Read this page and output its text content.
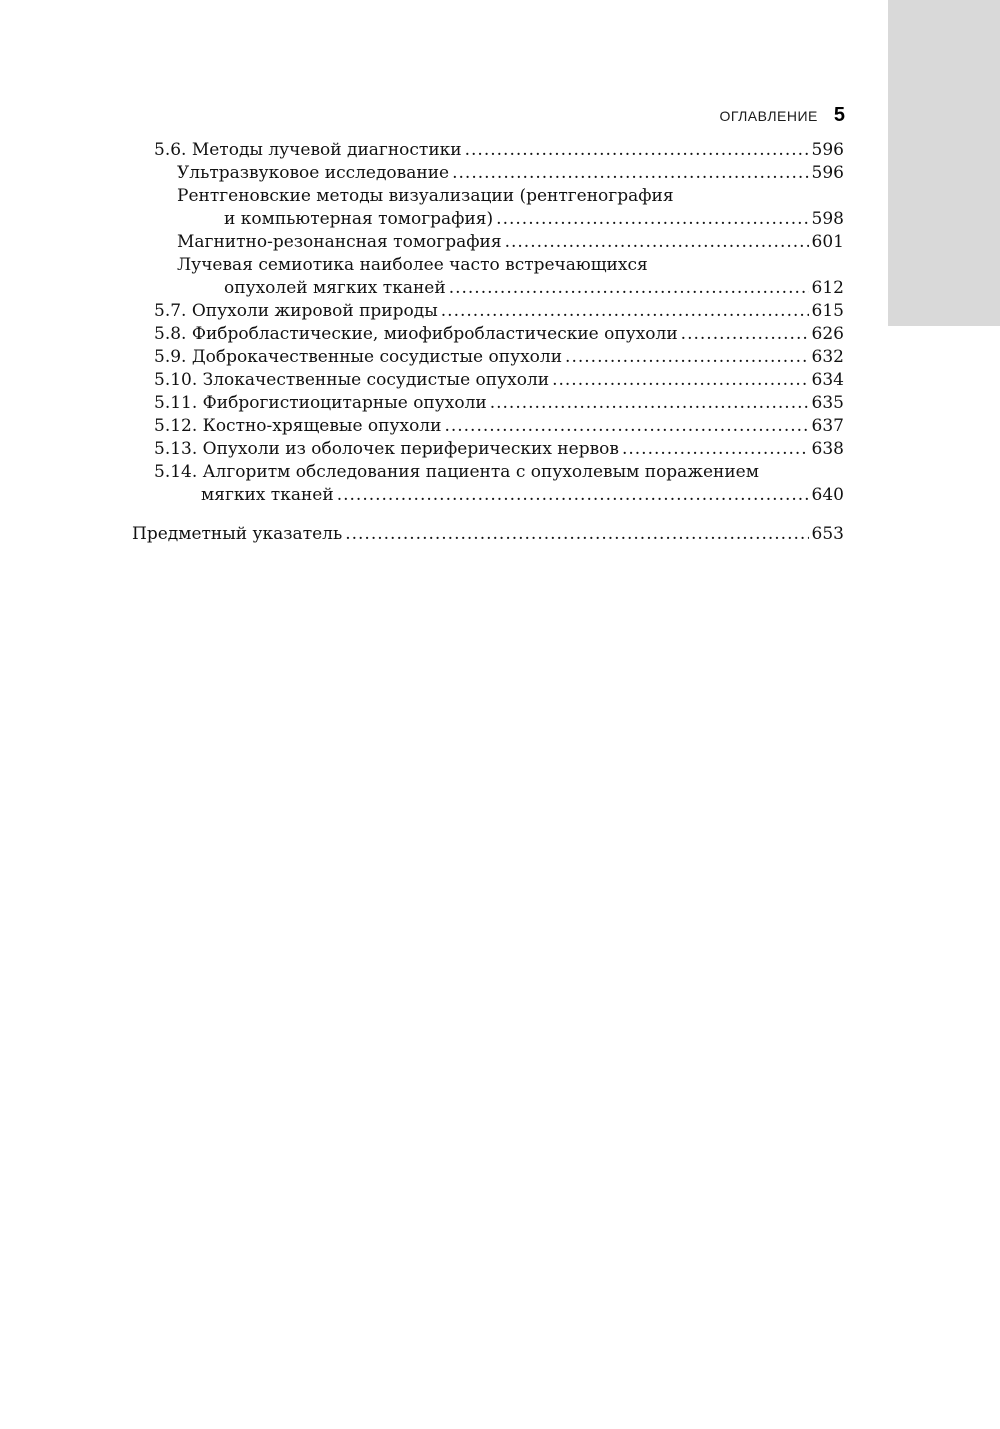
ОГЛАВЛЕНИЕ 5
5.6. Методы лучевой диагностики .....	596
Ультразвуковое исследование .....	596
Рентгеновские методы визуализации (рентгенография
и компьютерная томография) .....	598
Магнитно-резонансная томография .....	601
Лучевая семиотика наиболее часто встречающихся
опухолей мягких тканей .....	612
5.7. Опухоли жировой природы .....	615
5.8. Фибробластические, миофибробластические опухоли .....	626
5.9. Доброкачественные сосудистые опухоли .....	632
5.10. Злокачественные сосудистые опухоли .....	634
5.11. Фиброгистиоцитарные опухоли .....	635
5.12. Костно-хрящевые опухоли .....	637
5.13. Опухоли из оболочек периферических нервов .....	638
5.14. Алгоритм обследования пациента с опухолевым поражением
мягких тканей .....	640
Предметный указатель .....	653
